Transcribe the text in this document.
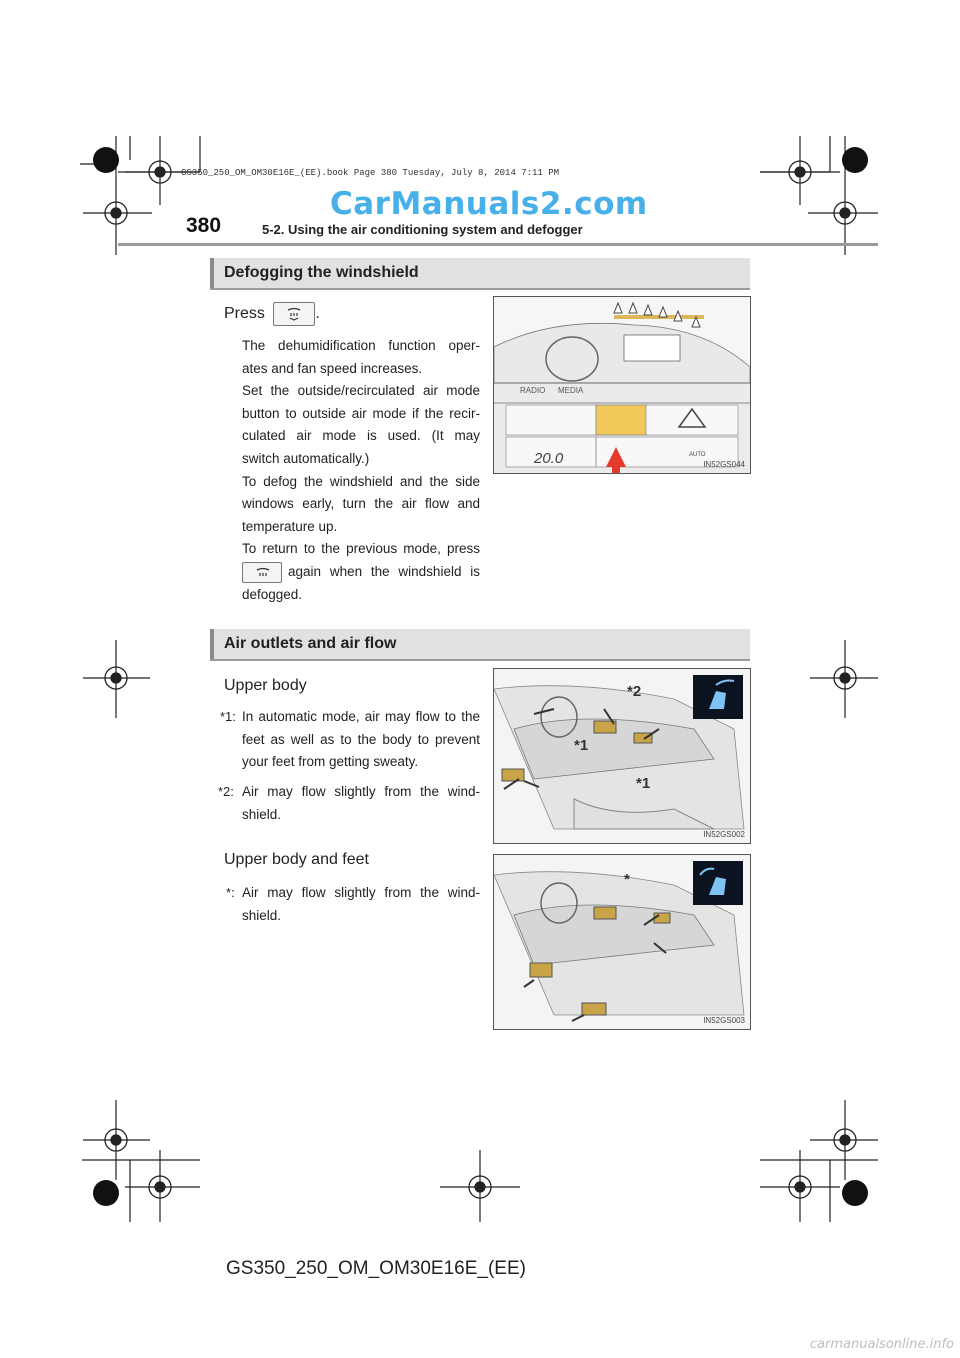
GS350_250_OM_OM30E16E_(EE).book Page 380 Tuesday, July 8, 2014 7:11 PM
CarManuals2.com
380	5-2. Using the air conditioning system and defogger
Defogging the windshield
Press	.
The dehumidification function oper-
ates and fan speed increases.
Set the outside/recirculated air mode
button to outside air mode if the recir-
culated air mode is used. (It may
switch automatically.)
To defog the windshield and the side
windows early, turn the air flow and
temperature up.
To return to the previous mode, press
again when the windshield is
defogged.
RADIO MEDIA
20.0	AUTO
IN52GS044
Air outlets and air flow
Upper body
*1: In automatic mode, air may flow to the
feet as well as to the body to prevent
your feet from getting sweaty.
*2: Air may flow slightly from the wind-
shield.
Upper body and feet
*: Air may flow slightly from the wind-
shield.
*2
*1
*1
IN52GS002
*
IN52GS003
GS350_250_OM_OM30E16E_(EE)
carmanualsonline.info
